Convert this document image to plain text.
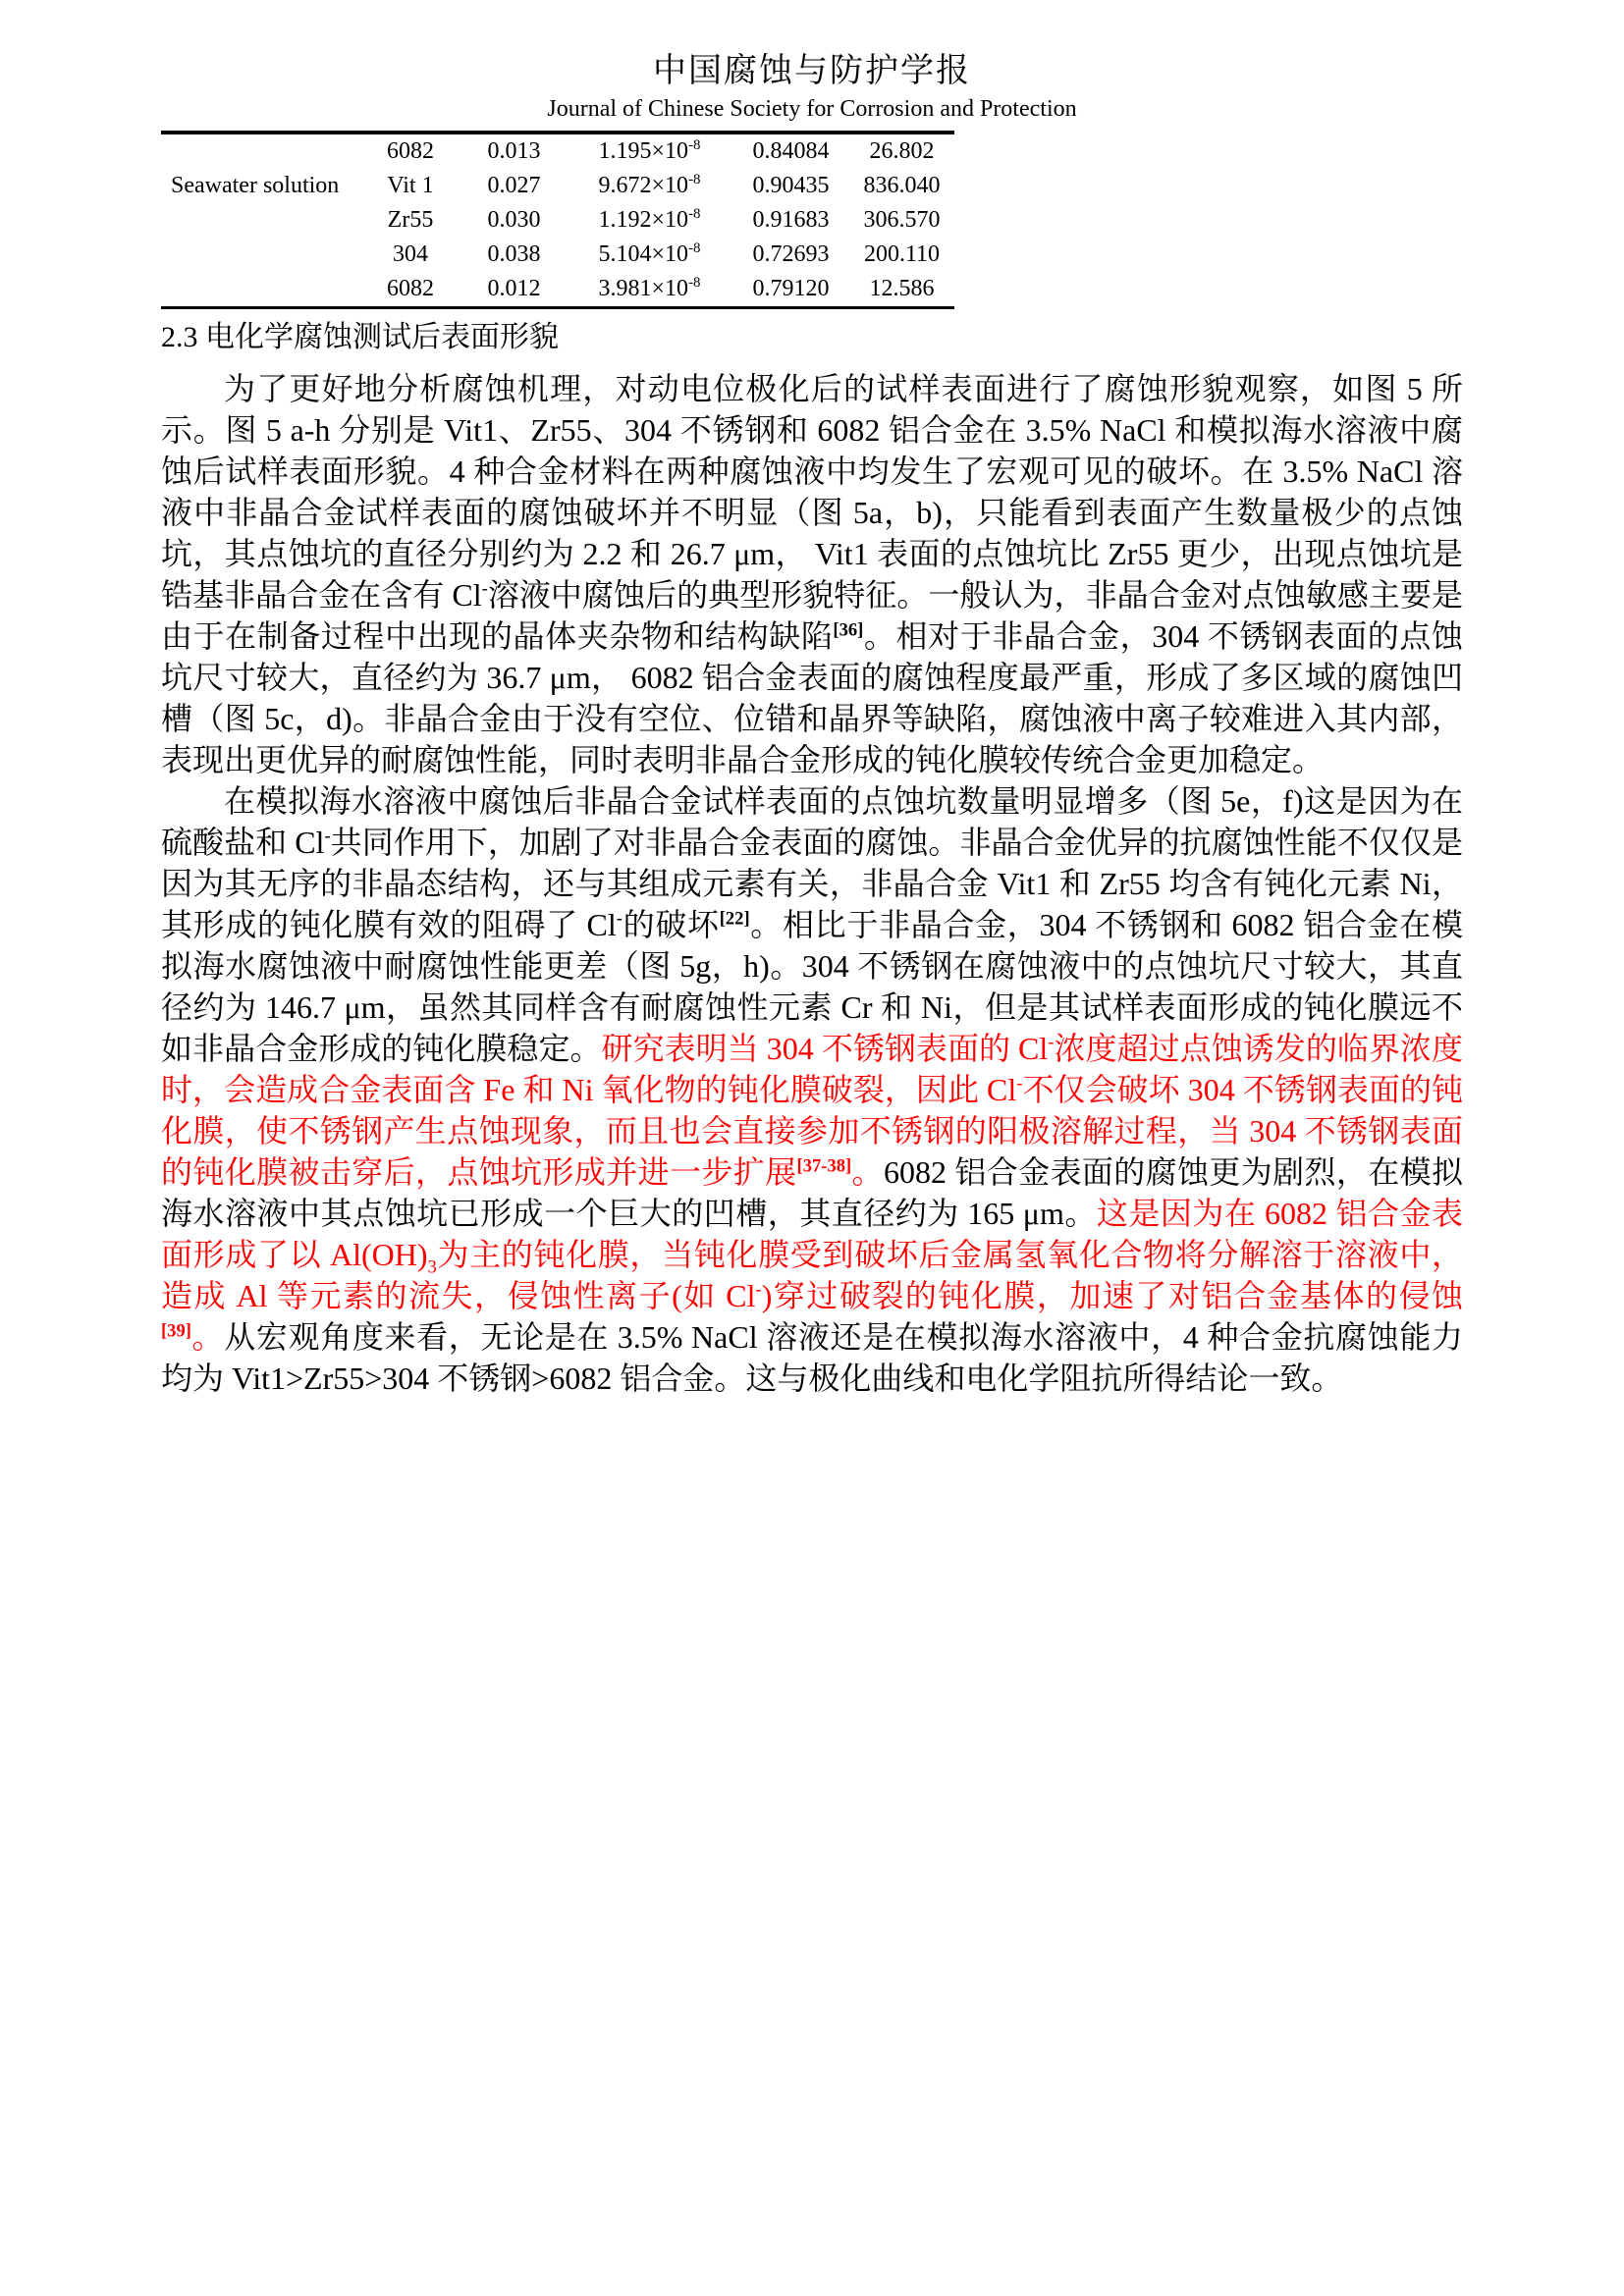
中国腐蚀与防护学报
Journal of Chinese Society for Corrosion and Protection
	6082	0.013	$1.195\times 10^{-8}$	0.84084	26.802
Seawater solution	Vit 1	0.027	$9.672\times 10^{-8}$	0.90435	836.040
	Zr55	0.030	$1.192\times 10^{-8}$	0.91683	306.570
	304	0.038	$5.104\times 10^{-8}$	0.72693	200.110
	6082	0.012	$3.981\times 10^{-8}$	0.79120	12.586
2.3 电化学腐蚀测试后表面形貌

为了更好地分析腐蚀机理，对动电位极化后的试样表面进行了腐蚀形貌观察，如图 5 所示。图 5 a-h 分别是 Vit1、Zr55、304 不锈钢和 6082 铝合金在 3.5% NaCl 和模拟海水溶液中腐蚀后试样表面形貌。4 种合金材料在两种腐蚀液中均发生了宏观可见的破坏。在 3.5% NaCl 溶液中非晶合金试样表面的腐蚀破坏并不明显（图 5a，b)，只能看到表面产生数量极少的点蚀坑，其点蚀坑的直径分别约为 2.2 和 26.7 μm， Vit1 表面的点蚀坑比 Zr55 更少，出现点蚀坑是锆基非晶合金在含有 Cl-溶液中腐蚀后的典型形貌特征。一般认为，非晶合金对点蚀敏感主要是由于在制备过程中出现的晶体夹杂物和结构缺陷[36]。相对于非晶合金，304 不锈钢表面的点蚀坑尺寸较大，直径约为 36.7 μm， 6082 铝合金表面的腐蚀程度最严重，形成了多区域的腐蚀凹槽（图 5c，d)。非晶合金由于没有空位、位错和晶界等缺陷，腐蚀液中离子较难进入其内部，表现出更优异的耐腐蚀性能，同时表明非晶合金形成的钝化膜较传统合金更加稳定。

在模拟海水溶液中腐蚀后非晶合金试样表面的点蚀坑数量明显增多（图 5e，f)这是因为在硫酸盐和 Cl-共同作用下，加剧了对非晶合金表面的腐蚀。非晶合金优异的抗腐蚀性能不仅仅是因为其无序的非晶态结构，还与其组成元素有关，非晶合金 Vit1 和 Zr55 均含有钝化元素 Ni，其形成的钝化膜有效的阻碍了 Cl-的破坏[22]。相比于非晶合金，304 不锈钢和 6082 铝合金在模拟海水腐蚀液中耐腐蚀性能更差（图 5g，h)。304 不锈钢在腐蚀液中的点蚀坑尺寸较大，其直径约为 146.7 μm，虽然其同样含有耐腐蚀性元素 Cr 和 Ni，但是其试样表面形成的钝化膜远不如非晶合金形成的钝化膜稳定。研究表明当 304 不锈钢表面的 Cl-浓度超过点蚀诱发的临界浓度时，会造成合金表面含 Fe 和 Ni 氧化物的钝化膜破裂，因此 Cl-不仅会破坏 304 不锈钢表面的钝化膜，使不锈钢产生点蚀现象，而且也会直接参加不锈钢的阳极溶解过程，当 304 不锈钢表面的钝化膜被击穿后，点蚀坑形成并进一步扩展[37-38]。6082 铝合金表面的腐蚀更为剧烈，在模拟海水溶液中其点蚀坑已形成一个巨大的凹槽，其直径约为 165 μm。这是因为在 6082 铝合金表面形成了以 $Al(OH)_3$为主的钝化膜，当钝化膜受到破坏后金属氢氧化合物将分解溶于溶液中，造成 Al 等元素的流失，侵蚀性离子(如 Cl-)穿过破裂的钝化膜，加速了对铝合金基体的侵蚀[39]。从宏观角度来看，无论是在 3.5% NaCl 溶液还是在模拟海水溶液中，4 种合金抗腐蚀能力均为 Vit1>Zr55>304 不锈钢>6082 铝合金。这与极化曲线和电化学阻抗所得结论一致。
